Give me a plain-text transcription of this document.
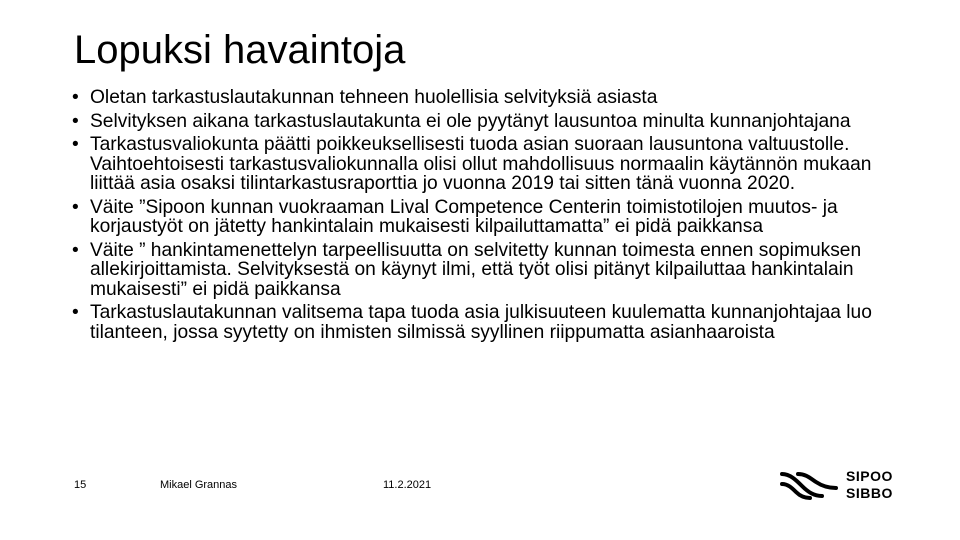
Lopuksi havaintoja
• Oletan tarkastuslautakunnan tehneen huolellisia selvityksiä asiasta
• Selvityksen aikana tarkastuslautakunta ei ole pyytänyt lausuntoa minulta kunnanjohtajana
• Tarkastusvaliokunta päätti poikkeuksellisesti tuoda asian suoraan lausuntona valtuustolle. Vaihtoehtoisesti tarkastusvaliokunnalla olisi ollut mahdollisuus normaalin käytännön mukaan liittää asia osaksi tilintarkastusraporttia jo vuonna 2019 tai sitten tänä vuonna 2020.
• Väite ”Sipoon kunnan vuokraaman Lival Competence Centerin toimistotilojen muutos- ja korjaustyöt on jätetty hankintalain mukaisesti kilpailuttamatta” ei pidä paikkansa
• Väite ” hankintamenettelyn tarpeellisuutta on selvitetty kunnan toimesta ennen sopimuksen allekirjoittamista. Selvityksestä on käynyt ilmi, että työt olisi pitänyt kilpailuttaa hankintalain mukaisesti” ei pidä paikkansa
• Tarkastuslautakunnan valitsema tapa tuoda asia julkisuuteen kuulematta kunnanjohtajaa luo tilanteen, jossa syytetty on ihmisten silmissä syyllinen riippumatta asianhaaroista
15	Mikael Grannas	11.2.2021
SIPOO
SIBBO
